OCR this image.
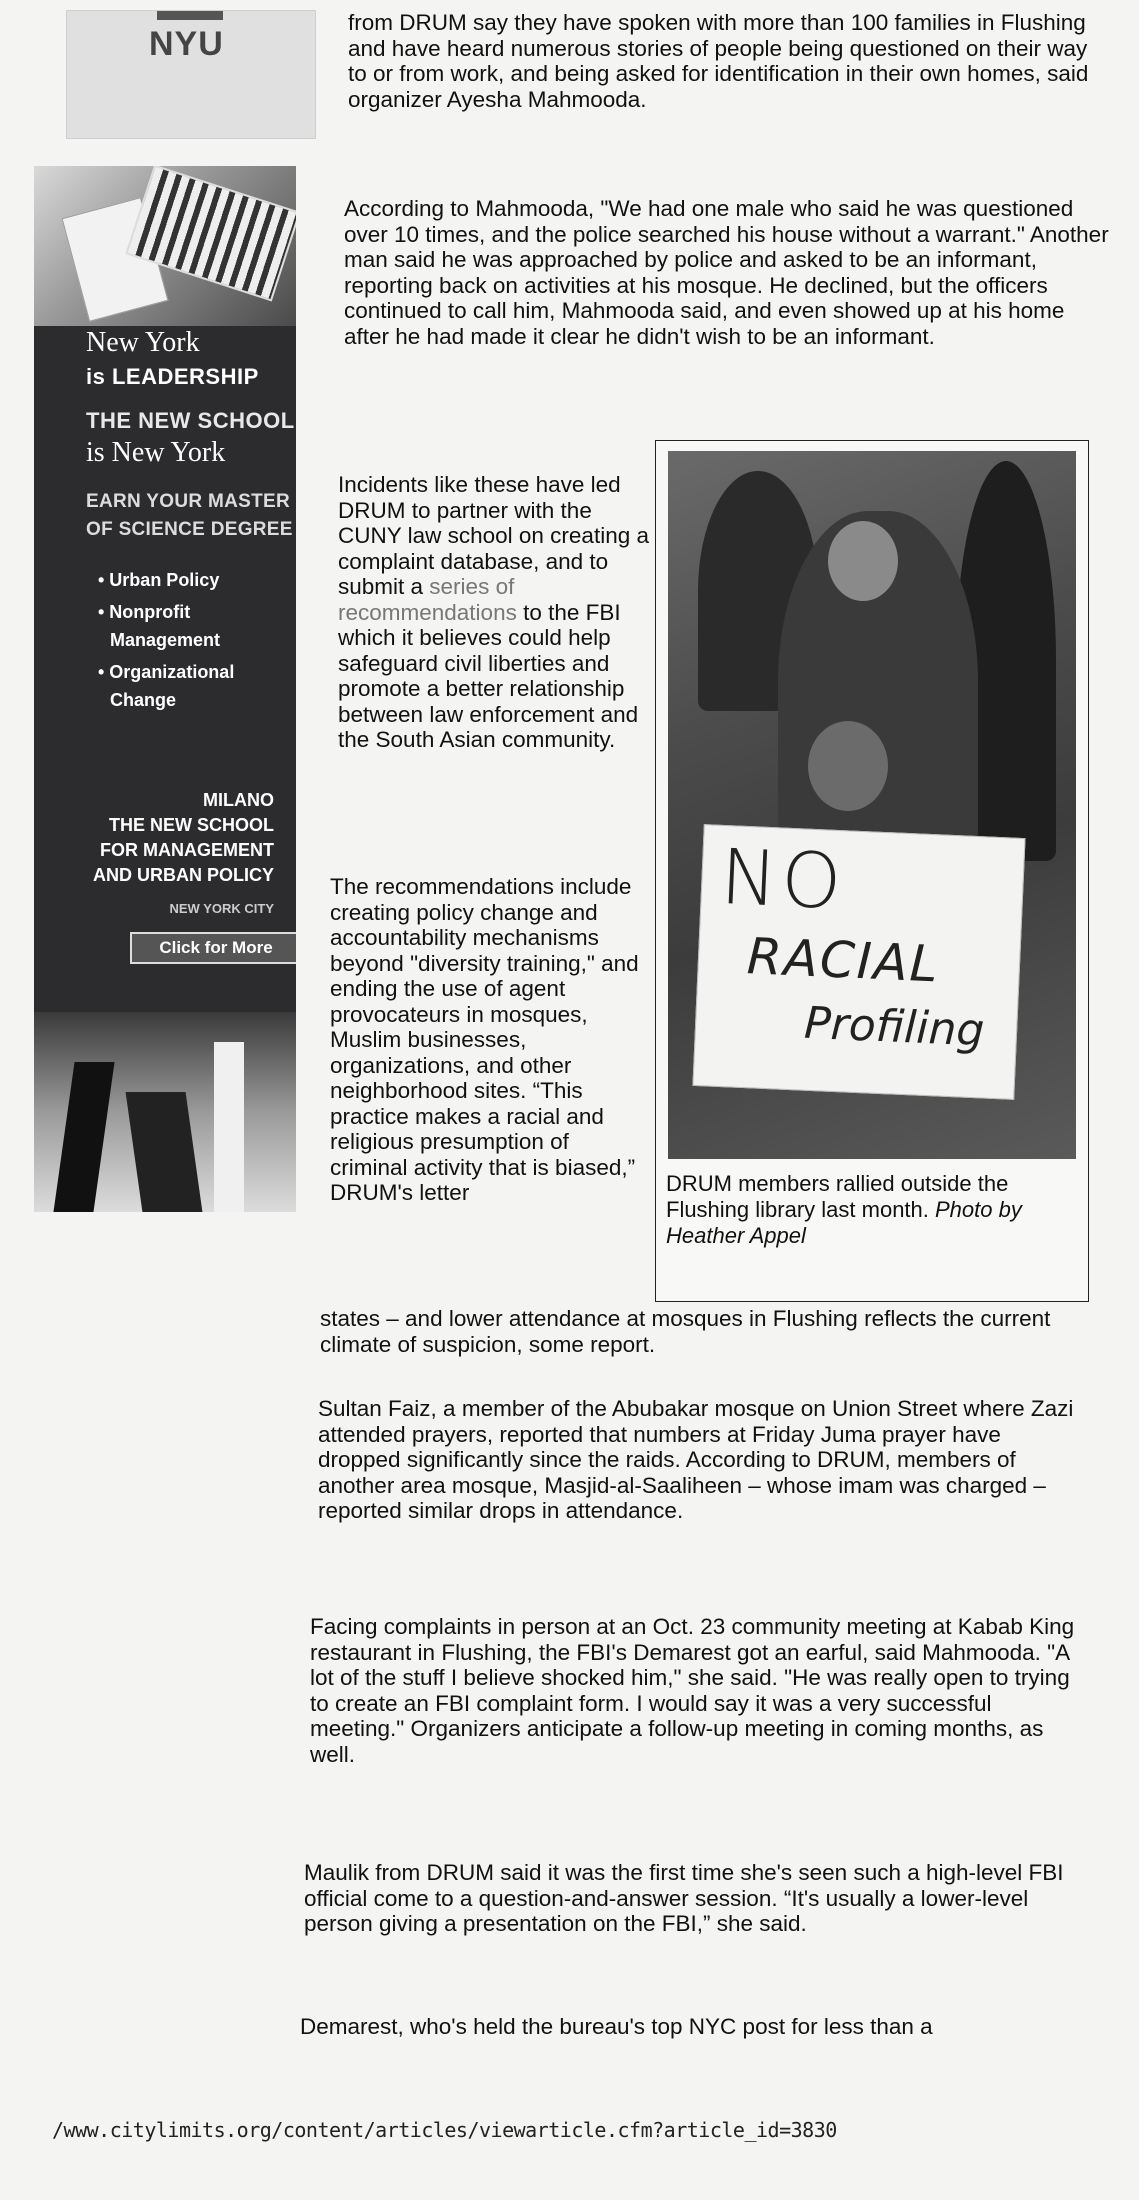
NYU
New York
is LEADERSHIP
THE NEW SCHOOL
is New York
EARN YOUR MASTER
OF SCIENCE DEGREE
• Urban Policy
• Nonprofit
Management
• Organizational
Change
MILANO
THE NEW SCHOOL
FOR MANAGEMENT
AND URBAN POLICY
NEW YORK CITY
Click for More

from DRUM say they have spoken with more than 100 families in Flushing and have heard numerous stories of people being questioned on their way to or from work, and being asked for identification in their own homes, said organizer Ayesha Mahmooda.

According to Mahmooda, "We had one male who said he was questioned over 10 times, and the police searched his house without a warrant." Another man said he was approached by police and asked to be an informant, reporting back on activities at his mosque. He declined, but the officers continued to call him, Mahmooda said, and even showed up at his home after he had made it clear he didn't wish to be an informant.

Incidents like these have led DRUM to partner with the CUNY law school on creating a complaint database, and to submit a series of recommendations to the FBI which it believes could help safeguard civil liberties and promote a better relationship between law enforcement and the South Asian community.

The recommendations include creating policy change and accountability mechanisms beyond "diversity training," and ending the use of agent provocateurs in mosques, Muslim businesses, organizations, and other neighborhood sites. “This practice makes a racial and religious presumption of criminal activity that is biased,” DRUM's letter

states – and lower attendance at mosques in Flushing reflects the current climate of suspicion, some report.

Sultan Faiz, a member of the Abubakar mosque on Union Street where Zazi attended prayers, reported that numbers at Friday Juma prayer have dropped significantly since the raids. According to DRUM, members of another area mosque, Masjid-al-Saaliheen – whose imam was charged – reported similar drops in attendance.

Facing complaints in person at an Oct. 23 community meeting at Kabab King restaurant in Flushing, the FBI's Demarest got an earful, said Mahmooda. "A lot of the stuff I believe shocked him," she said. "He was really open to trying to create an FBI complaint form. I would say it was a very successful meeting." Organizers anticipate a follow-up meeting in coming months, as well.

Maulik from DRUM said it was the first time she's seen such a high-level FBI official come to a question-and-answer session. “It's usually a lower-level person giving a presentation on the FBI,” she said.

Demarest, who's held the bureau's top NYC post for less than a

NO
RACIAL
Profiling
DRUM members rallied outside the Flushing library last month. Photo by Heather Appel
/www.citylimits.org/content/articles/viewarticle.cfm?article_id=3830
